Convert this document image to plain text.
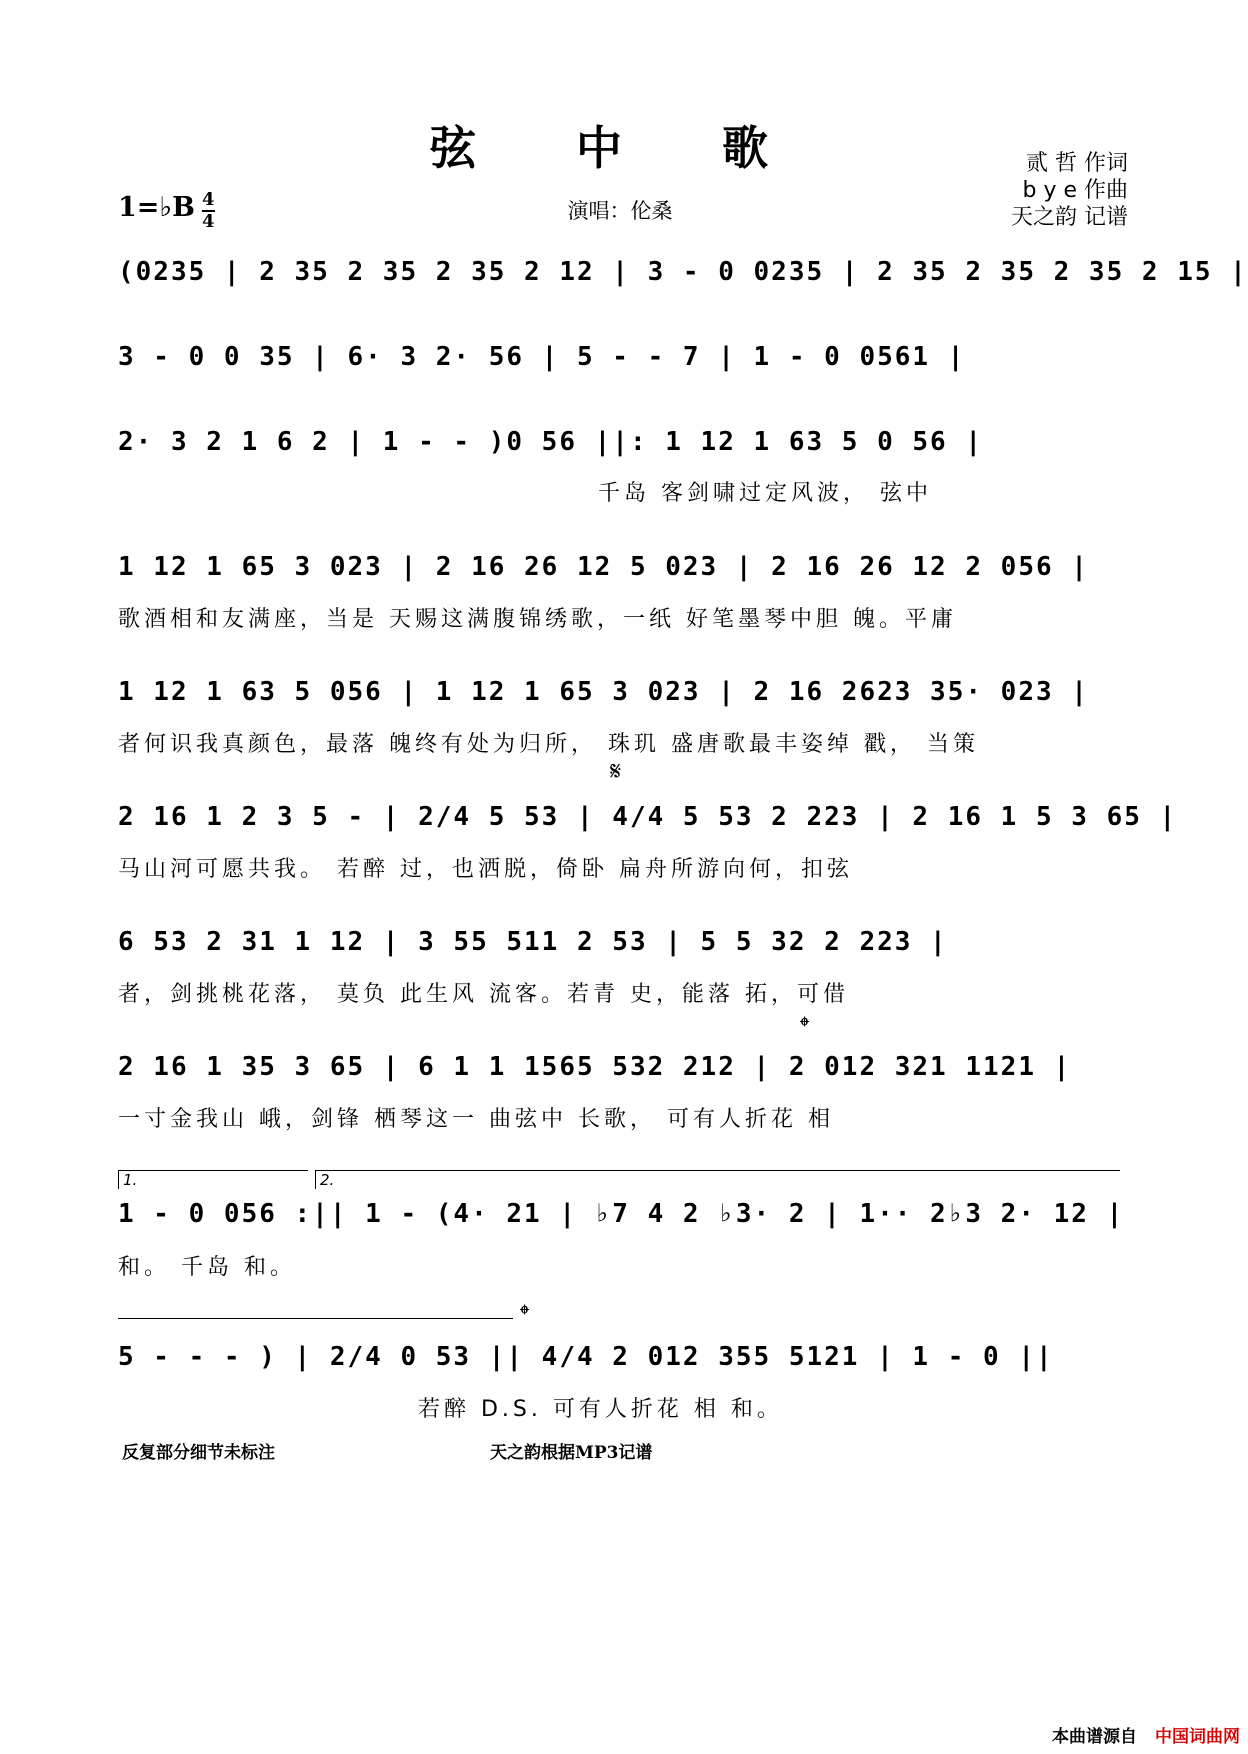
弦 中 歌	贰 哲 作词
b y e 作曲
天之韵 记谱
1=♭B 4
4	演唱：伦桑
(0235 | 2 35 2 35 2 35 2 12 | 3 - 0 0235 | 2 35 2 35 2 35 2 15 |
3 - 0 0 35 | 6· 3 2· 56 | 5 - - 7 | 1 - 0 0561 |
2· 3 2 1 6 2 | 1 - - )0 56 ||: 1 12 1 63 5 0 56 |
千岛 客剑啸过定风波， 弦中
1 12 1 65 3 023 | 2 16 26 12 5 023 | 2 16 26 12 2 056 |
歌酒相和友满座，当是 天赐这满腹锦绣歌，一纸 好笔墨琴中胆 魄。平庸
1 12 1 63 5 056 | 1 12 1 65 3 023 | 2 16 2623 35· 023 |
者何识我真颜色，最落 魄终有处为归所， 珠玑 盛唐歌最丰姿绰 戳， 当策
𝄋
2 16 1 2 3 5 - | 2/4 5 53 | 4/4 5 53 2 223 | 2 16 1 5 3 65 |
马山河可愿共我。 若醉 过，也洒脱，倚卧 扁舟所游向何，扣弦
6 53 2 31 1 12 | 3 55 511 2 53 | 5 5 32 2 223 |
者，剑挑桃花落， 莫负 此生风 流客。若青 史，能落 拓，可借
𝄌
2 16 1 35 3 65 | 6 1 1 1565 532 212 | 2 012 321 1121 |
一寸金我山 峨，剑锋 栖琴这一 曲弦中 长歌， 可有人折花 相
1.	2.
1 - 0 056 :|| 1 - (4· 21 | ♭7 4 2 ♭3· 2 | 1·· 2♭3 2· 12 |
和。 千岛 和。
𝄌
5 - - - ) | 2/4 0 53 || 4/4 2 012 355 5121 | 1 - 0 ||
若醉 D.S. 可有人折花 相 和。
反复部分细节未标注	天之韵根据MP3记谱
本曲谱源自 中国词曲网
